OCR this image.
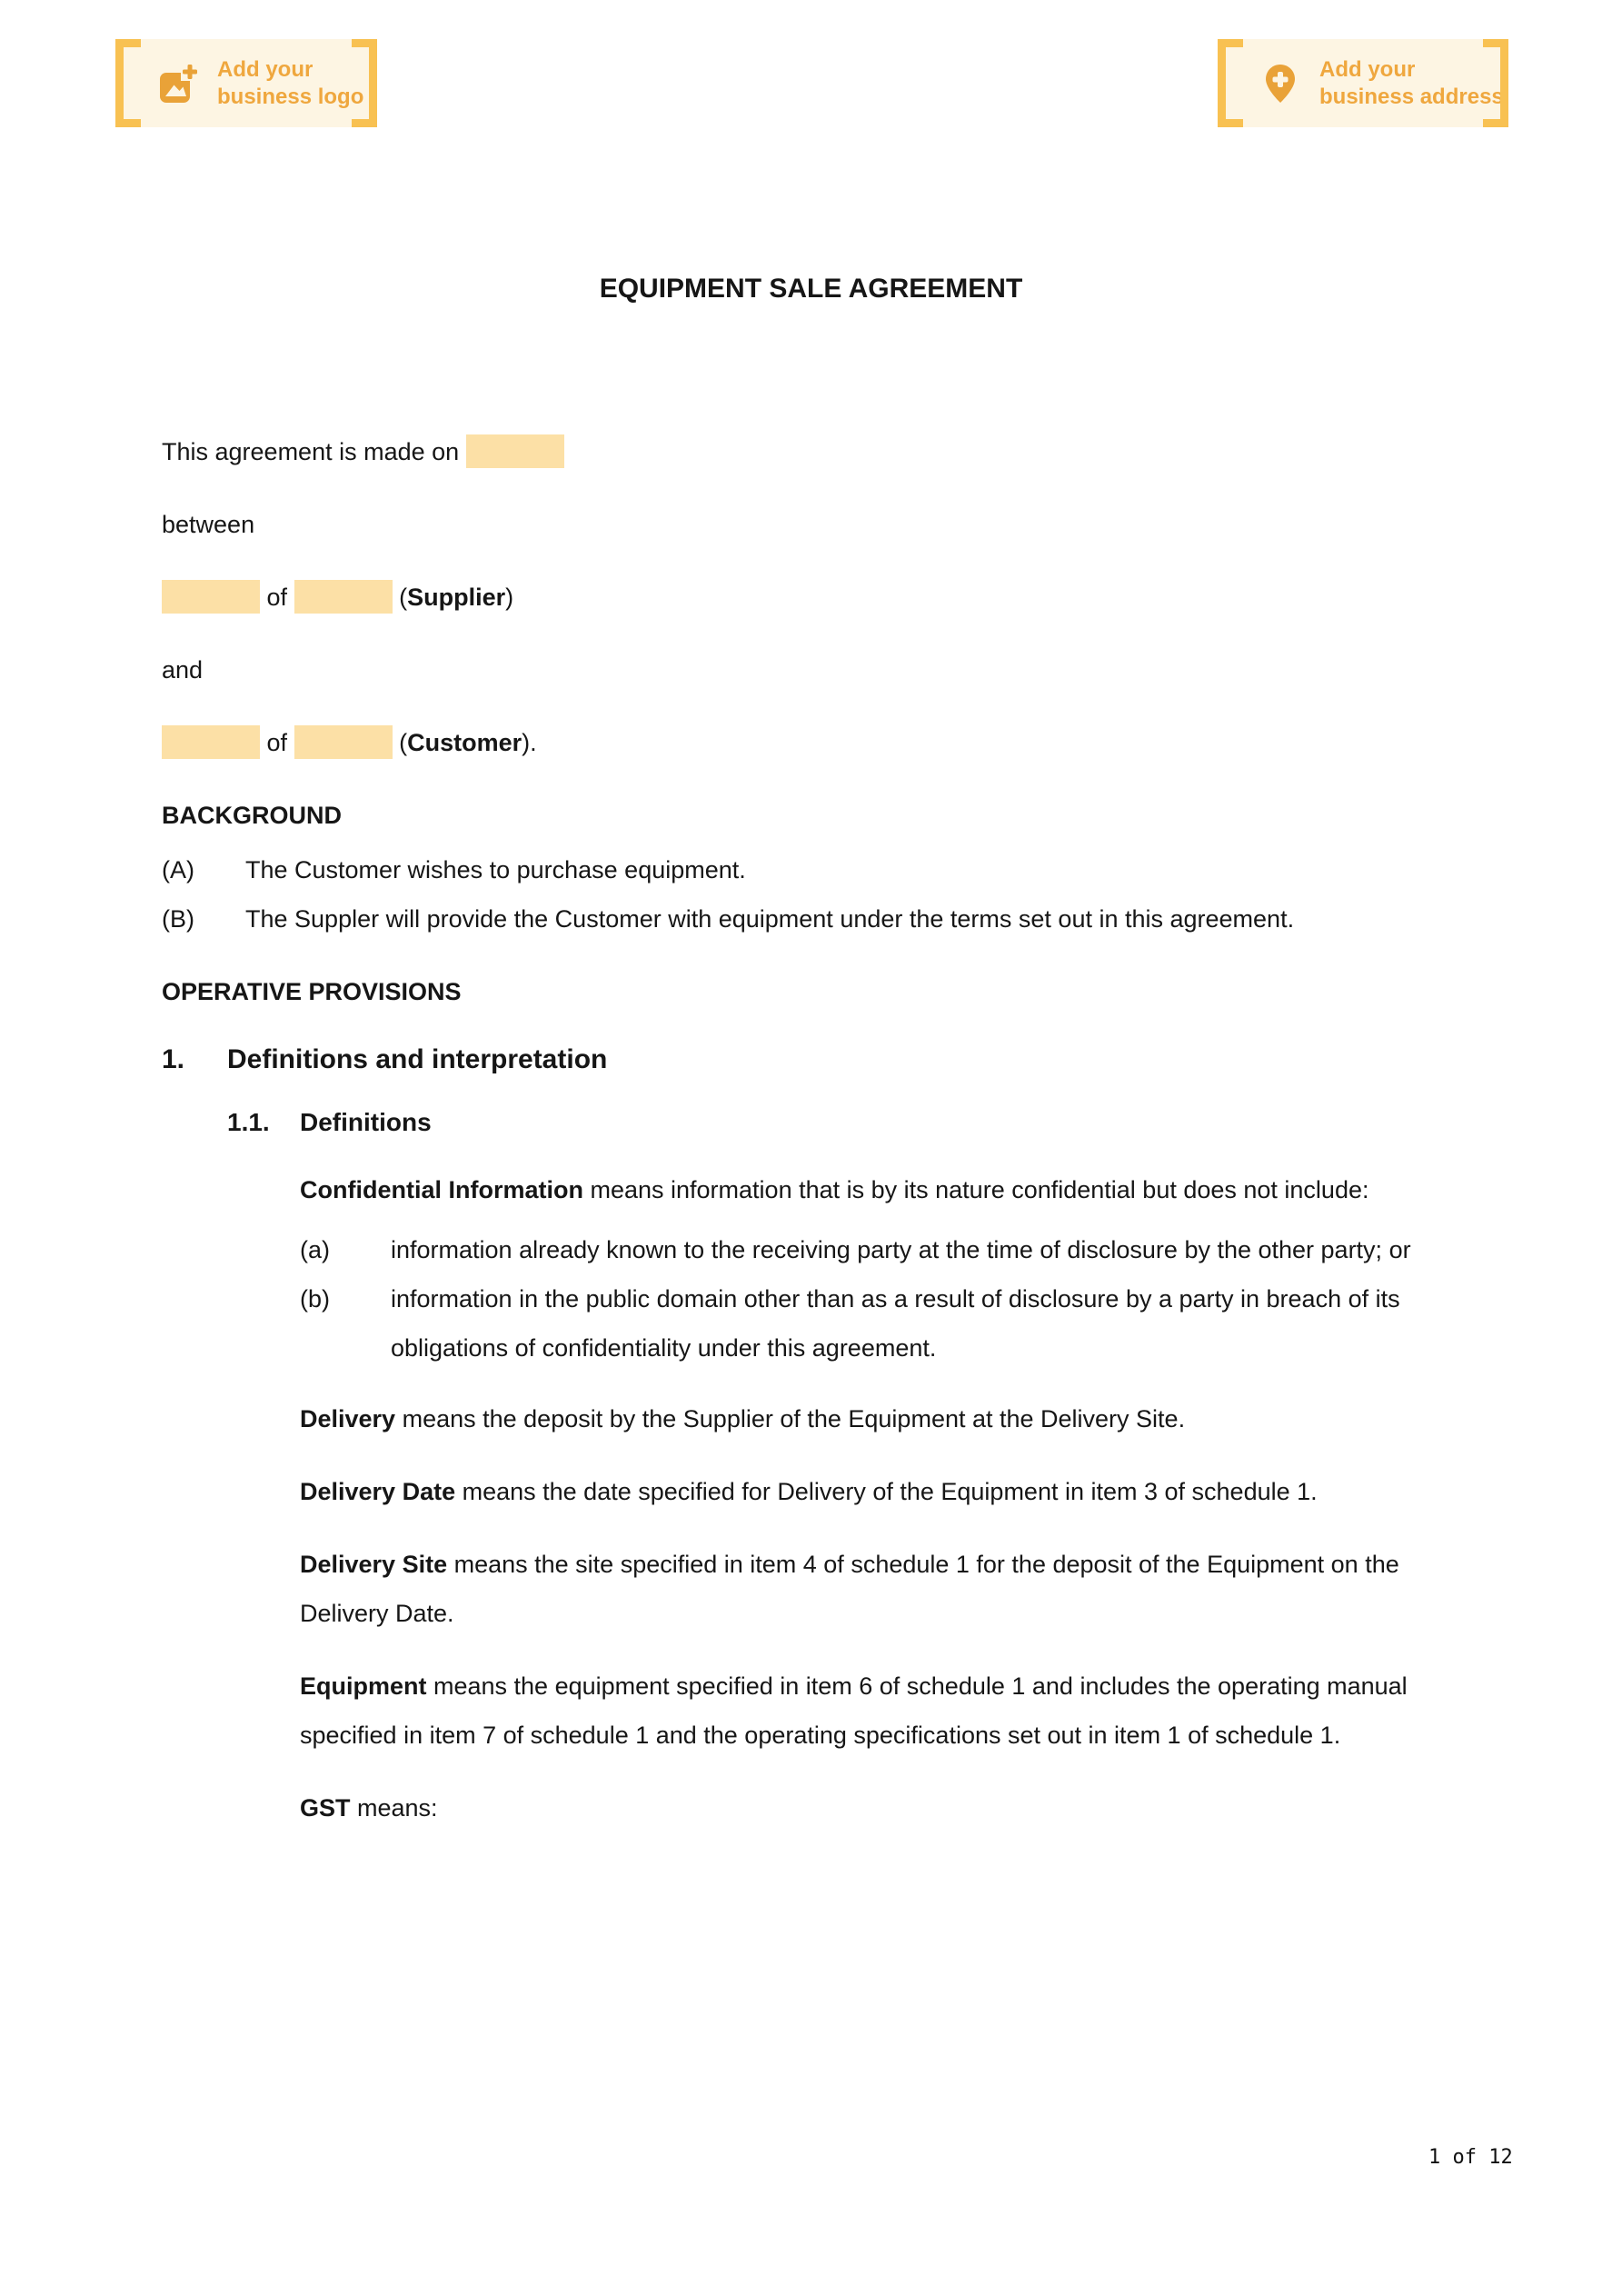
Add your
business logo
Add your
business address
EQUIPMENT SALE AGREEMENT

This agreement is made on

between

of	(Supplier)

and

of	(Customer).

BACKGROUND

(A)	The Customer wishes to purchase equipment.
(B)	The Suppler will provide the Customer with equipment under the terms set out in this agreement.

OPERATIVE PROVISIONS

1.	Definitions and interpretation
1.1.	Definitions

Confidential Information means information that is by its nature confidential but does not include:

(a)	information already known to the receiving party at the time of disclosure by the other party; or
(b)	information in the public domain other than as a result of disclosure by a party in breach of its obligations of confidentiality under this agreement.

Delivery means the deposit by the Supplier of the Equipment at the Delivery Site.

Delivery Date means the date specified for Delivery of the Equipment in item 3 of schedule 1.

Delivery Site means the site specified in item 4 of schedule 1 for the deposit of the Equipment on the Delivery Date.

Equipment means the equipment specified in item 6 of schedule 1 and includes the operating manual specified in item 7 of schedule 1 and the operating specifications set out in item 1 of schedule 1.

GST means:

1 of 12
